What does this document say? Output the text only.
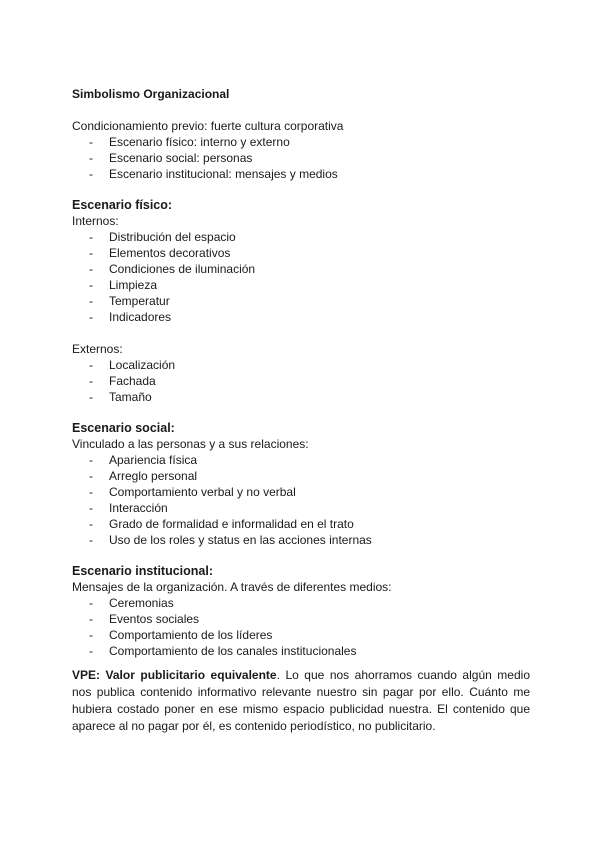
Simbolismo Organizacional
Condicionamiento previo: fuerte cultura corporativa
- Escenario físico: interno y externo
- Escenario social: personas
- Escenario institucional: mensajes y medios
Escenario físico:
Internos:
- Distribución del espacio
- Elementos decorativos
- Condiciones de iluminación
- Limpieza
- Temperatur
- Indicadores
Externos:
- Localización
- Fachada
- Tamaño
Escenario social:
Vinculado a las personas y a sus relaciones:
- Apariencia física
- Arreglo personal
- Comportamiento verbal y no verbal
- Interacción
- Grado de formalidad e informalidad en el trato
- Uso de los roles y status en las acciones internas
Escenario institucional:
Mensajes de la organización. A través de diferentes medios:
- Ceremonias
- Eventos sociales
- Comportamiento de los líderes
- Comportamiento de los canales institucionales
VPE: Valor publicitario equivalente. Lo que nos ahorramos cuando algún medio nos publica contenido informativo relevante nuestro sin pagar por ello. Cuánto me hubiera costado poner en ese mismo espacio publicidad nuestra. El contenido que aparece al no pagar por él, es contenido periodístico, no publicitario.
